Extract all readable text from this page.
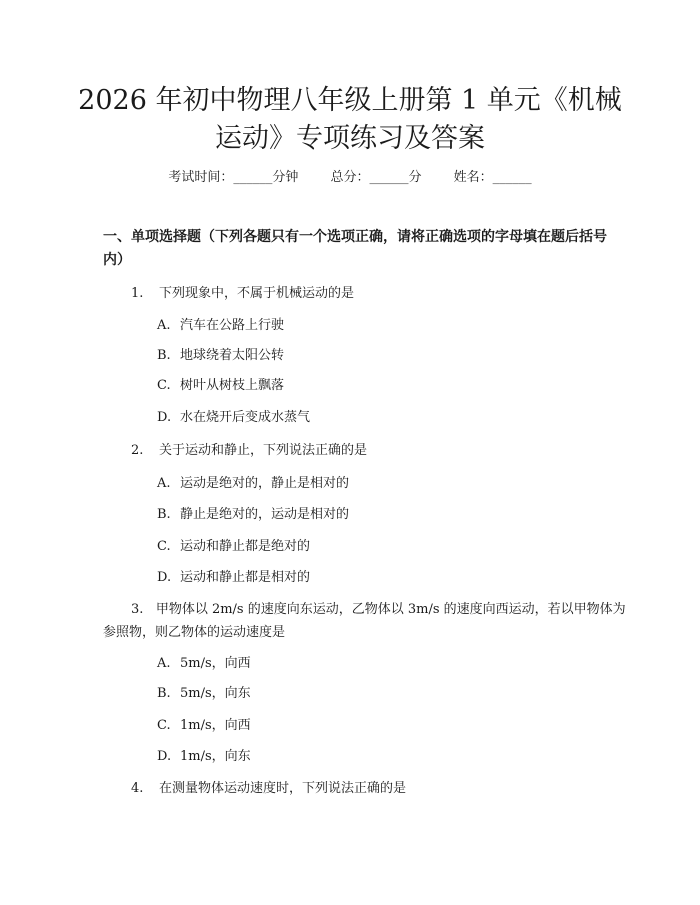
2026 年初中物理八年级上册第 1 单元《机械
运动》专项练习及答案
考试时间：______分钟 总分：______分 姓名：______
一、单项选择题（下列各题只有一个选项正确，请将正确选项的字母填在题后括号内）
1. 下列现象中，不属于机械运动的是
A. 汽车在公路上行驶
B. 地球绕着太阳公转
C. 树叶从树枝上飘落
D. 水在烧开后变成水蒸气
2. 关于运动和静止，下列说法正确的是
A. 运动是绝对的，静止是相对的
B. 静止是绝对的，运动是相对的
C. 运动和静止都是绝对的
D. 运动和静止都是相对的
3. 甲物体以 2m/s 的速度向东运动，乙物体以 3m/s 的速度向西运动，若以甲物体为参照物，则乙物体的运动速度是
A. 5m/s，向西
B. 5m/s，向东
C. 1m/s，向西
D. 1m/s，向东
4. 在测量物体运动速度时，下列说法正确的是
